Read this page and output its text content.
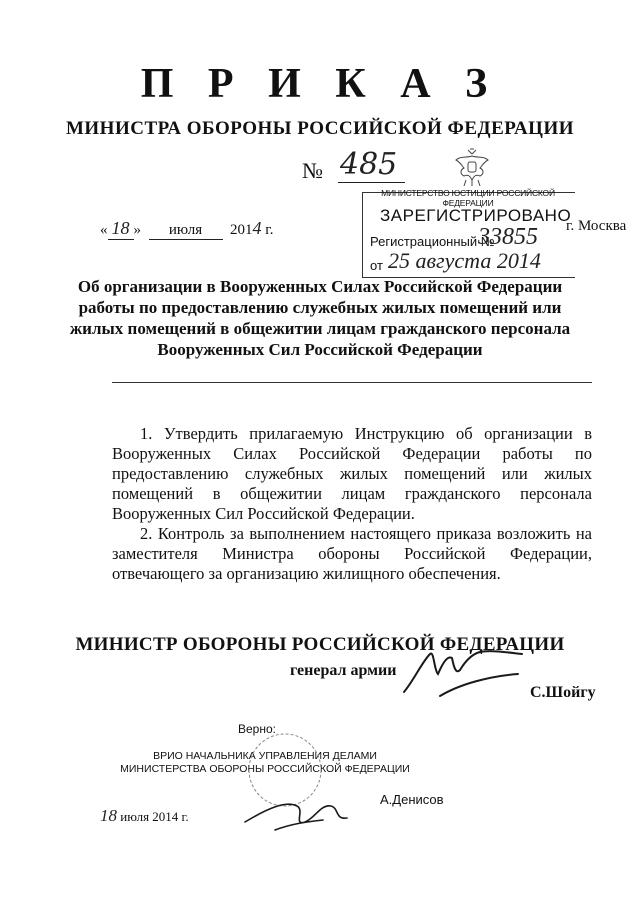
П Р И К А З
МИНИСТРА ОБОРОНЫ РОССИЙСКОЙ ФЕДЕРАЦИИ
№ 485
« 18 » июля 2014 г.	г. Москва
МИНИСТЕРСТВО ЮСТИЦИИ РОССИЙСКОЙ ФЕДЕРАЦИИ
ЗАРЕГИСТРИРОВАНО
Регистрационный №
33855
от 25 августа 2014
Об организации в Вооруженных Силах Российской Федерации работы по предоставлению служебных жилых помещений или жилых помещений в общежитии лицам гражданского персонала Вооруженных Сил Российской Федерации

1. Утвердить прилагаемую Инструкцию об организации в Вооруженных Силах Российской Федерации работы по предоставлению служебных жилых помещений или жилых помещений в общежитии лицам гражданского персонала Вооруженных Сил Российской Федерации.

2. Контроль за выполнением настоящего приказа возложить на заместителя Министра обороны Российской Федерации, отвечающего за организацию жилищного обеспечения.

МИНИСТР ОБОРОНЫ РОССИЙСКОЙ ФЕДЕРАЦИИ
генерал армии
С.Шойгу
Верно:
ВРИО НАЧАЛЬНИКА УПРАВЛЕНИЯ ДЕЛАМИ
МИНИСТЕРСТВА ОБОРОНЫ РОССИЙСКОЙ ФЕДЕРАЦИИ
18 июля 2014 г.
А.Денисов
